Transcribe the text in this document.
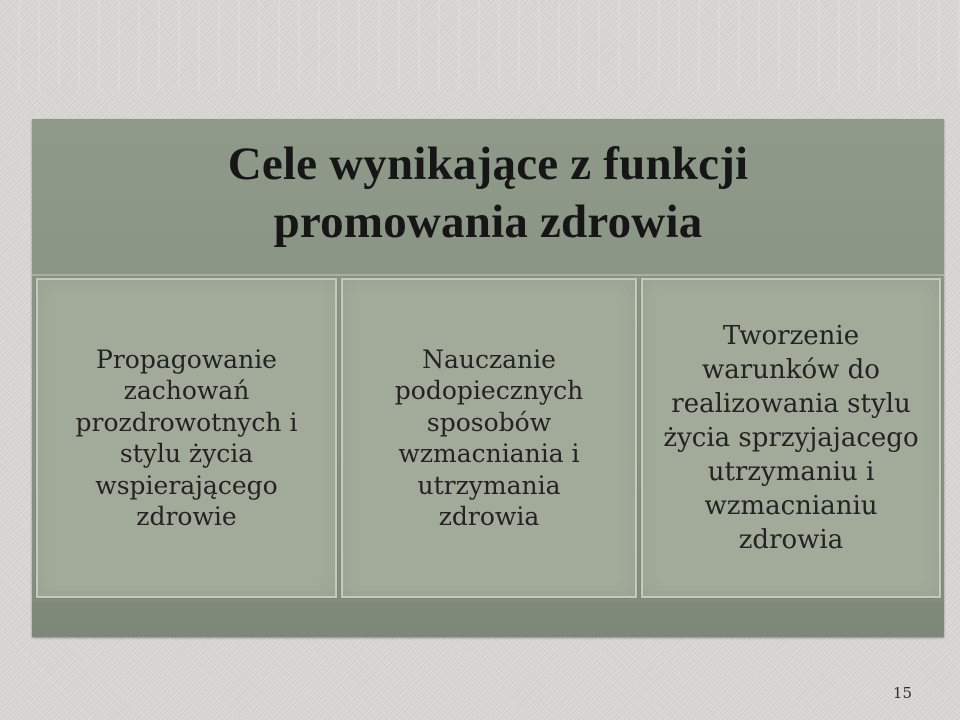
Cele wynikające z funkcji
promowania zdrowia
Propagowanie
zachowań
prozdrowotnych i
stylu życia
wspierającego
zdrowie
Nauczanie
podopiecznych
sposobów
wzmacniania i
utrzymania
zdrowia
Tworzenie
warunków do
realizowania stylu
życia sprzyjajacego
utrzymaniu i
wzmacnianiu
zdrowia
15
